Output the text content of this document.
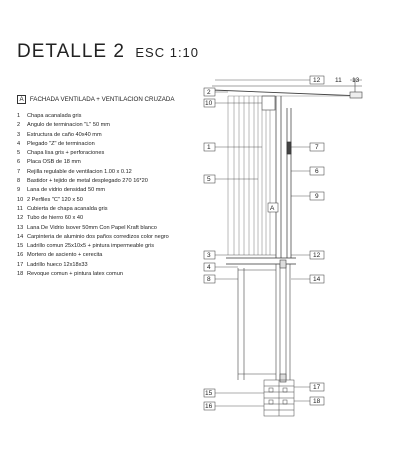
DETALLE 2 ESC 1:10
A FACHADA VENTILADA + VENTILACION CRUZADA
1 Chapa acanalada gris
2 Angulo de terminacion "L" 50 mm
3 Estructura de caño 40x40 mm
4 Plegado "Z" de terminacion
5 Chapa lisa gris + perforaciones
6 Placa OSB de 18 mm
7 Rejilla regulable de ventilacion 1.00 x 0.12
8 Bastidor + tejido de metal desplegado 270 16*20
9 Lana de vidrio densidad 50 mm
10 2 Perfiles "C" 120 x 50
11 Cubierta de chapa acanalda gris
12 Tubo de hierro 60 x 40
13 Lana De Vidrio Isover 50mm Con Papel Kraft blanco
14 Carpinteria de aluminio dos paños corredizos color negro
15 Ladrillo comun 25x10x5 + pintura impermeable gris
16 Mortero de asciento + cerecita
17 Ladrillo hueco 12x18x33
18 Revoque comun + pintura latex comun
12 11 13
2
10
1	7
6
5
9
A
3	12
4
8	14
17
15
18
16
